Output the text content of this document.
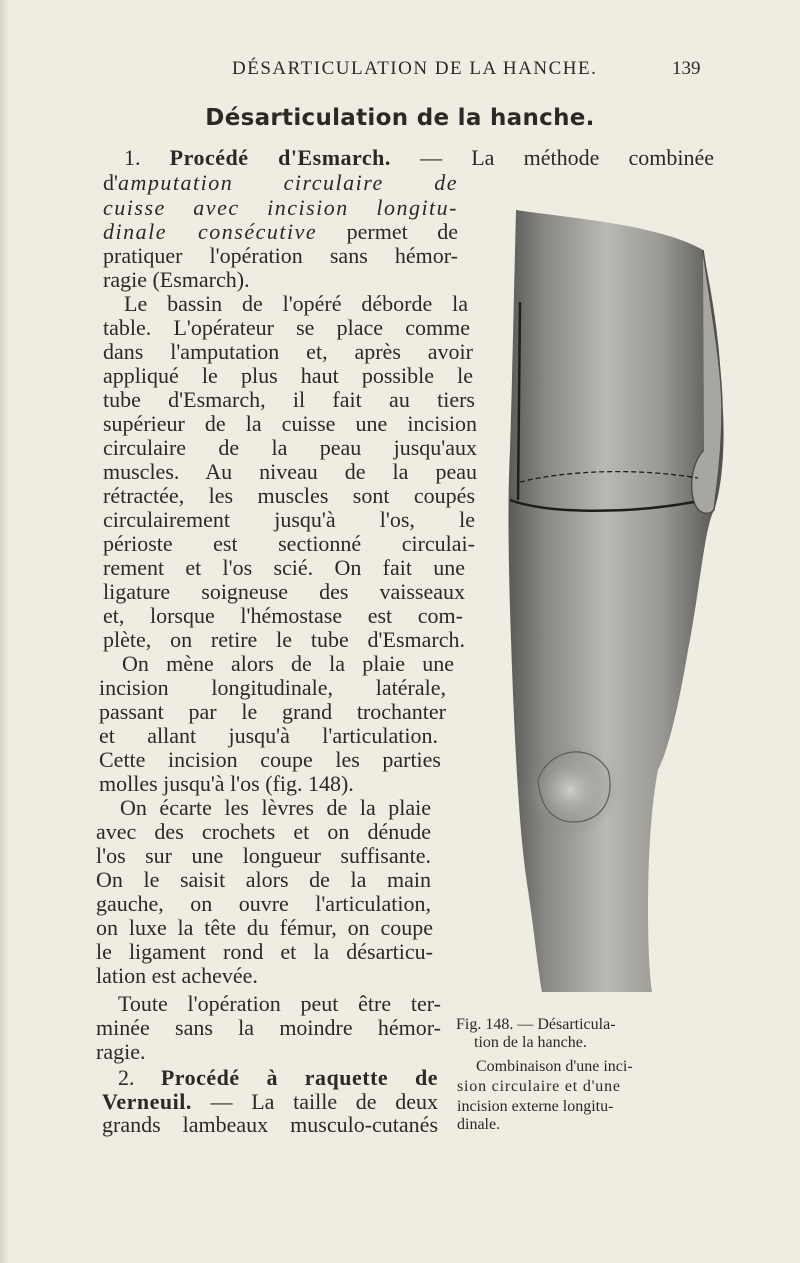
DÉSARTICULATION DE LA HANCHE.	139
Désarticulation de la hanche.
1. Procédé d'Esmarch. — La méthode combinée
d'amputation circulaire de
cuisse avec incision longitu-
dinale consécutive permet de
pratiquer l'opération sans hémor-
ragie (Esmarch).
Le bassin de l'opéré déborde la
table. L'opérateur se place comme
dans l'amputation et, après avoir
appliqué le plus haut possible le
tube d'Esmarch, il fait au tiers
supérieur de la cuisse une incision
circulaire de la peau jusqu'aux
muscles. Au niveau de la peau
rétractée, les muscles sont coupés
circulairement jusqu'à l'os, le
périoste est sectionné circulai-
rement et l'os scié. On fait une
ligature soigneuse des vaisseaux
et, lorsque l'hémostase est com-
plète, on retire le tube d'Esmarch.
On mène alors de la plaie une
incision longitudinale, latérale,
passant par le grand trochanter
et allant jusqu'à l'articulation.
Cette incision coupe les parties
molles jusqu'à l'os (fig. 148).
On écarte les lèvres de la plaie
avec des crochets et on dénude
l'os sur une longueur suffisante.
On le saisit alors de la main
gauche, on ouvre l'articulation,
on luxe la tête du fémur, on coupe
le ligament rond et la désarticu-
lation est achevée.
Toute l'opération peut être ter-
minée sans la moindre hémor-
ragie.
2. Procédé à raquette de
Verneuil. — La taille de deux
grands lambeaux musculo-cutanés
Fig. 148. — Désarticula-
tion de la hanche.
Combinaison d'une inci-
sion circulaire et d'une
incision externe longitu-
dinale.
